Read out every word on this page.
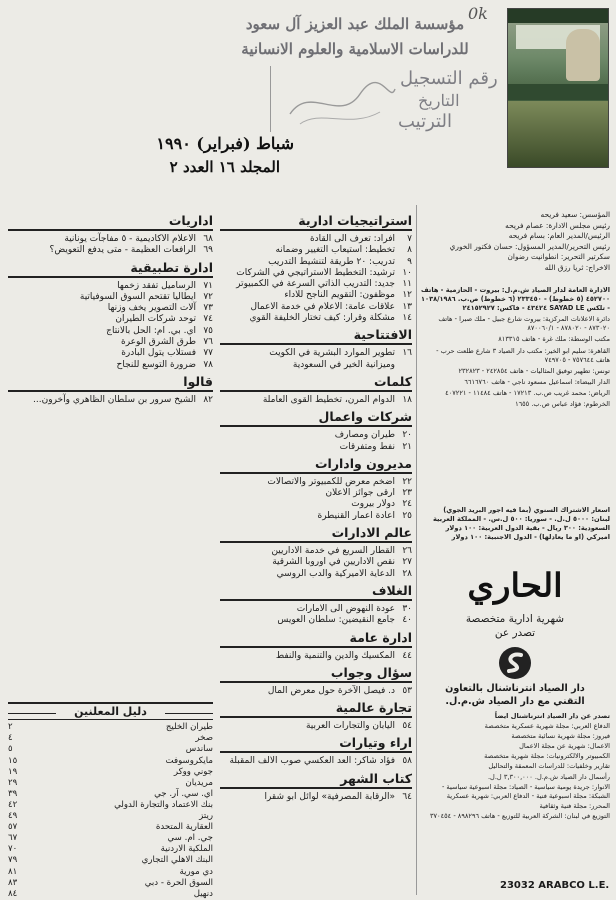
0k
مؤسسة الملك عبد العزيز آل سعود
للدراسات الاسلامية والعلوم الانسانية
رقم التسجيل
التاريخ
الترتيب
شباط (فبراير) ١٩٩٠
المجلد ١٦ العدد ٢
استراتيجيات ادارية
٧
افراد: تعرف الى القادة
٨
تخطيط: استيعاب التغيير وضمانه
٩
تدريب: ٢٠ طريقة لتنشيط التدريب
١٠
ترشيد: التخطيط الاستراتيجي في الشركات
١١
جديد: التدريب الذاتي السرعة في الكمبيوتر
١٢
موظفون: التقويم الناجح للاداء
١٣
علاقات عامة: الاعلام في خدمة الاعمال
١٤
مشكلة وقرار: كيف تختار الخليفة القوي
الافتتاحية
١٦
تطوير الموارد البشرية في الكويت
وميزانية الخير في السعودية
كلمات
١٨
الدوام المرن، تخطيط القوى العاملة
شركات واعمال
٢٠
طيران ومصارف
٢١
نفط ومتفرقات
مديرون وادارات
٢٢
اضخم معرض للكمبيوتر والاتصالات
٢٣
ارقى جوائز الاعلان
٢٤
دولار بيروت
٢٥
اعادة اعمار القنيطرة
عالم الادارات
٢٦
القطار السريع في خدمة الاداريين
٢٧
نقص الاداريين في اوروبا الشرقية
٢٨
الدعاية الاميركية والدب الروسي
الغلاف
٣٠
عودة النهوض الى الامارات
٤٠
جامع النقيضين: سلطان العويس
ادارة عامة
٤٤
المكسيك والدين والتنمية والنفط
سؤال وجواب
٥٣
د. فيصل الآخرة حول معرض المال
تجارة عالمية
٥٤
اليابان والتجارات العربية
اراء وتيارات
٥٨
فؤاد شاكر: العد العكسي صوب الالف المقبلة
كتاب الشهر
٦٤
«الرقابة المصرفية» لوائل ابو شقرا
اداريات
٦٨
الاعلام الاكاديمية - ٥ مفاجآت يونانية
٦٩
الرافعات العظيمة - متى يدفع التعويض؟
ادارة تطبيقية
٧١
الرساميل تفقد زخمها
٧٢
ايطاليا تقتحم السوق السوفياتية
٧٣
آلات التصوير يخف وزنها
٧٤
توحد شركات الطيران
٧٥
اي. بي. ام: الحل بالانتاج
٧٦
طرق الشرق الوعرة
٧٧
فستلاب يتول البادرة
٧٨
ضرورة التوسع للنجاح
قالوا
٨٢
الشيخ سرور بن سلطان الظاهري وآخرون...
دليل المعلنين
طيران الخليج
٢
صخر
٤
ساندس
٥
مايكروسوفت
١٥
جوني ووكر
١٩
مريديان
٢٩
اي. سي. آر. جي
٣٩
بنك الاعتماد والتجارة الدولي
٤٢
ريتز
٤٩
العقارية المتحدة
٥٧
جي. ام. سي
٦٧
الملكية الاردنية
٧٠
البنك الاهلي التجاري
٧٩
دي مورية
٨١
السوق الحرة - دبي
٨٣
دنهيل
٨٤
المؤسس: سعيد فريحه
رئيس مجلس الادارة: عصام فريحه
الرئيس/المدير العام: بسام فريحه
رئيس التحرير/المدير المسؤول: حسان فكتور الخوري
سكرتير التحرير: انطوانيت رضوان
الاخراج: ثريا رزق الله

الادارة العامة لدار الصياد ش.م.ل: بيروت - الحازمية - هاتف ٤٥٢٧٠٠ (٥ خطوط) - ٢٣٣٤٥٠ (٦ خطوط) ص.ب. ١٠٣٨/١٩٨٦ - تلكس SAYAD LE ٤٣٤٢٤ - فاكس: ٢٤١٥٢٩٢٧

دائرة الاعلانات المركزية: بيروت شارع جبيل - ملك صبرا - هاتف ٨٧٣٠٢٠ - ٨٧٨٠٢٠ - ٨٧٠٠٦٠/١

مكتب الوسطة: ملك غرة - هاتف ٨١٣٣١٥

القاهرة: سليم ابو الخير: مكتب دار الصياد ٣ شارع طلعت حرب - هاتف ٧٥٧٦٤٤ - ٧٤٩٧٠٥

تونس: تطهير توفيق المثاليات - هاتف ٢٤٢٨٥٤ - ٢٣٢٨٢٣

الدار البيضاء: اسماعيل مسعود ناجي - هاتف ٦٦١٦٧٦٠

الرياض: محمد غريب ص.ب. ١٧٢١٣ - هاتف ١١٤٨٤ - ٤٠٧٢٢١

الخرطوم: فؤاد عباس ص.ب. ١٦٥٥

اسعار الاشتراك السنوي (بما فيه اجور البريد الجوي)

لبنان: ٥٠٠٠ ل.ل. - سوريا: ٥٠٠ ل.س. - المملكة العربية السعودية: ٣٠٠ ريال - بقية الدول العربية: ١٠٠ دولار اميركي (او ما يعادلها) - الدول الاجنبية: ١٠٠ دولار

الحاري
شهرية ادارية متخصصة
تصدر عن
دار الصياد انترناشنال بالتعاون
التقني مع دار الصياد ش.م.ل.

تصدر عن دار الصياد انترناشنال ايضاً

الدفاع العربي: مجلة شهرية عسكرية متخصصة

فيروز: مجلة شهرية نسائية متخصصة

الاعمال: شهرية عن مجلة الاعمال

الكمبيوتر والالكترونيات: مجلة شهرية متخصصة

تقارير وخلفيات: للدراسات المعمقة والتحاليل

رأسمال دار الصياد ش.م.ل. ٣,٣٠٠,٠٠٠ ل.ل.

الانوار: جريدة يومية سياسية - الصياد: مجلة اسبوعية سياسية - الشبكة: مجلة اسبوعية فنية - الدفاع العربي: شهرية عسكرية

المحرر: مجلة فنية وثقافية

التوزيع في لبنان: الشركة العربية للتوزيع - هاتف ٨٩٨٢٩٦ - ٣٧٠٤٥٤

23032 ARABCO L.E.
